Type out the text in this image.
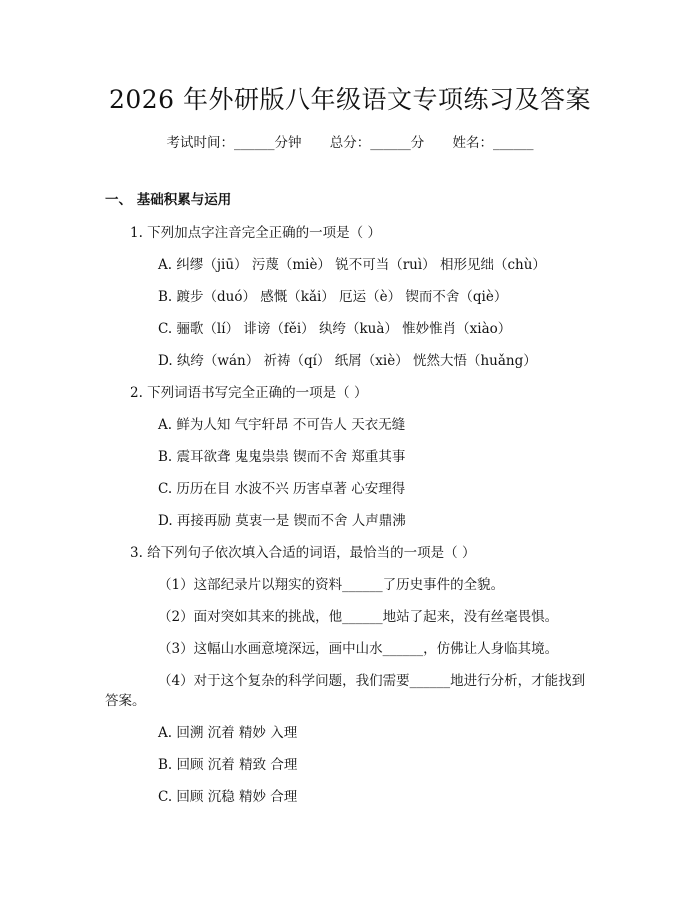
2026 年外研版八年级语文专项练习及答案
考试时间：______分钟 总分：______分 姓名：______
一、 基础积累与运用
1. 下列加点字注音完全正确的一项是（ ）
A. 纠缪（jiū） 污蔑（miè） 锐不可当（ruì） 相形见绌（chù）
B. 踱步（duó） 感慨（kǎi） 厄运（è） 锲而不舍（qiè）
C. 骊歌（lí） 诽谤（fěi） 纨绔（kuà） 惟妙惟肖（xiào）
D. 纨绔（wán） 祈祷（qí） 纸屑（xiè） 恍然大悟（huǎng）
2. 下列词语书写完全正确的一项是（ ）
A. 鲜为人知 气宇轩昂 不可告人 天衣无缝
B. 震耳欲聋 鬼鬼祟祟 锲而不舍 郑重其事
C. 历历在目 水波不兴 历害卓著 心安理得
D. 再接再励 莫衷一是 锲而不舍 人声鼎沸
3. 给下列句子依次填入合适的词语，最恰当的一项是（ ）
（1）这部纪录片以翔实的资料______了历史事件的全貌。
（2）面对突如其来的挑战，他______地站了起来，没有丝毫畏惧。
（3）这幅山水画意境深远，画中山水______，仿佛让人身临其境。
（4）对于这个复杂的科学问题，我们需要______地进行分析，才能找到
答案。
A. 回溯 沉着 精妙 入理
B. 回顾 沉着 精致 合理
C. 回顾 沉稳 精妙 合理
